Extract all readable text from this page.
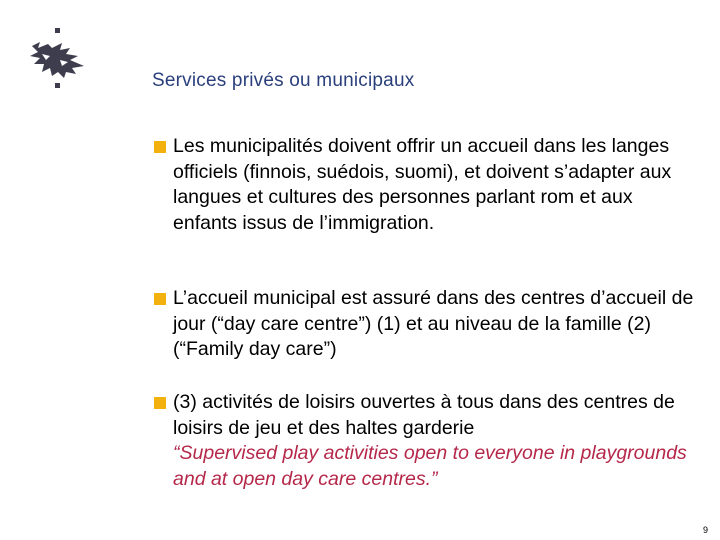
Services privés ou municipaux
Les municipalités doivent offrir un accueil dans les langes officiels (finnois, suédois, suomi), et doivent s’adapter aux langues et cultures des personnes parlant rom et aux enfants issus de l’immigration.
L’accueil municipal est assuré dans des centres d’accueil de jour (“day care centre”) (1) et au niveau de la famille (2) (“Family day care”)
(3) activités de loisirs ouvertes à tous dans des centres de loisirs de jeu et des haltes garderie
“Supervised play activities open to everyone in playgrounds and at open day care centres.”
9
